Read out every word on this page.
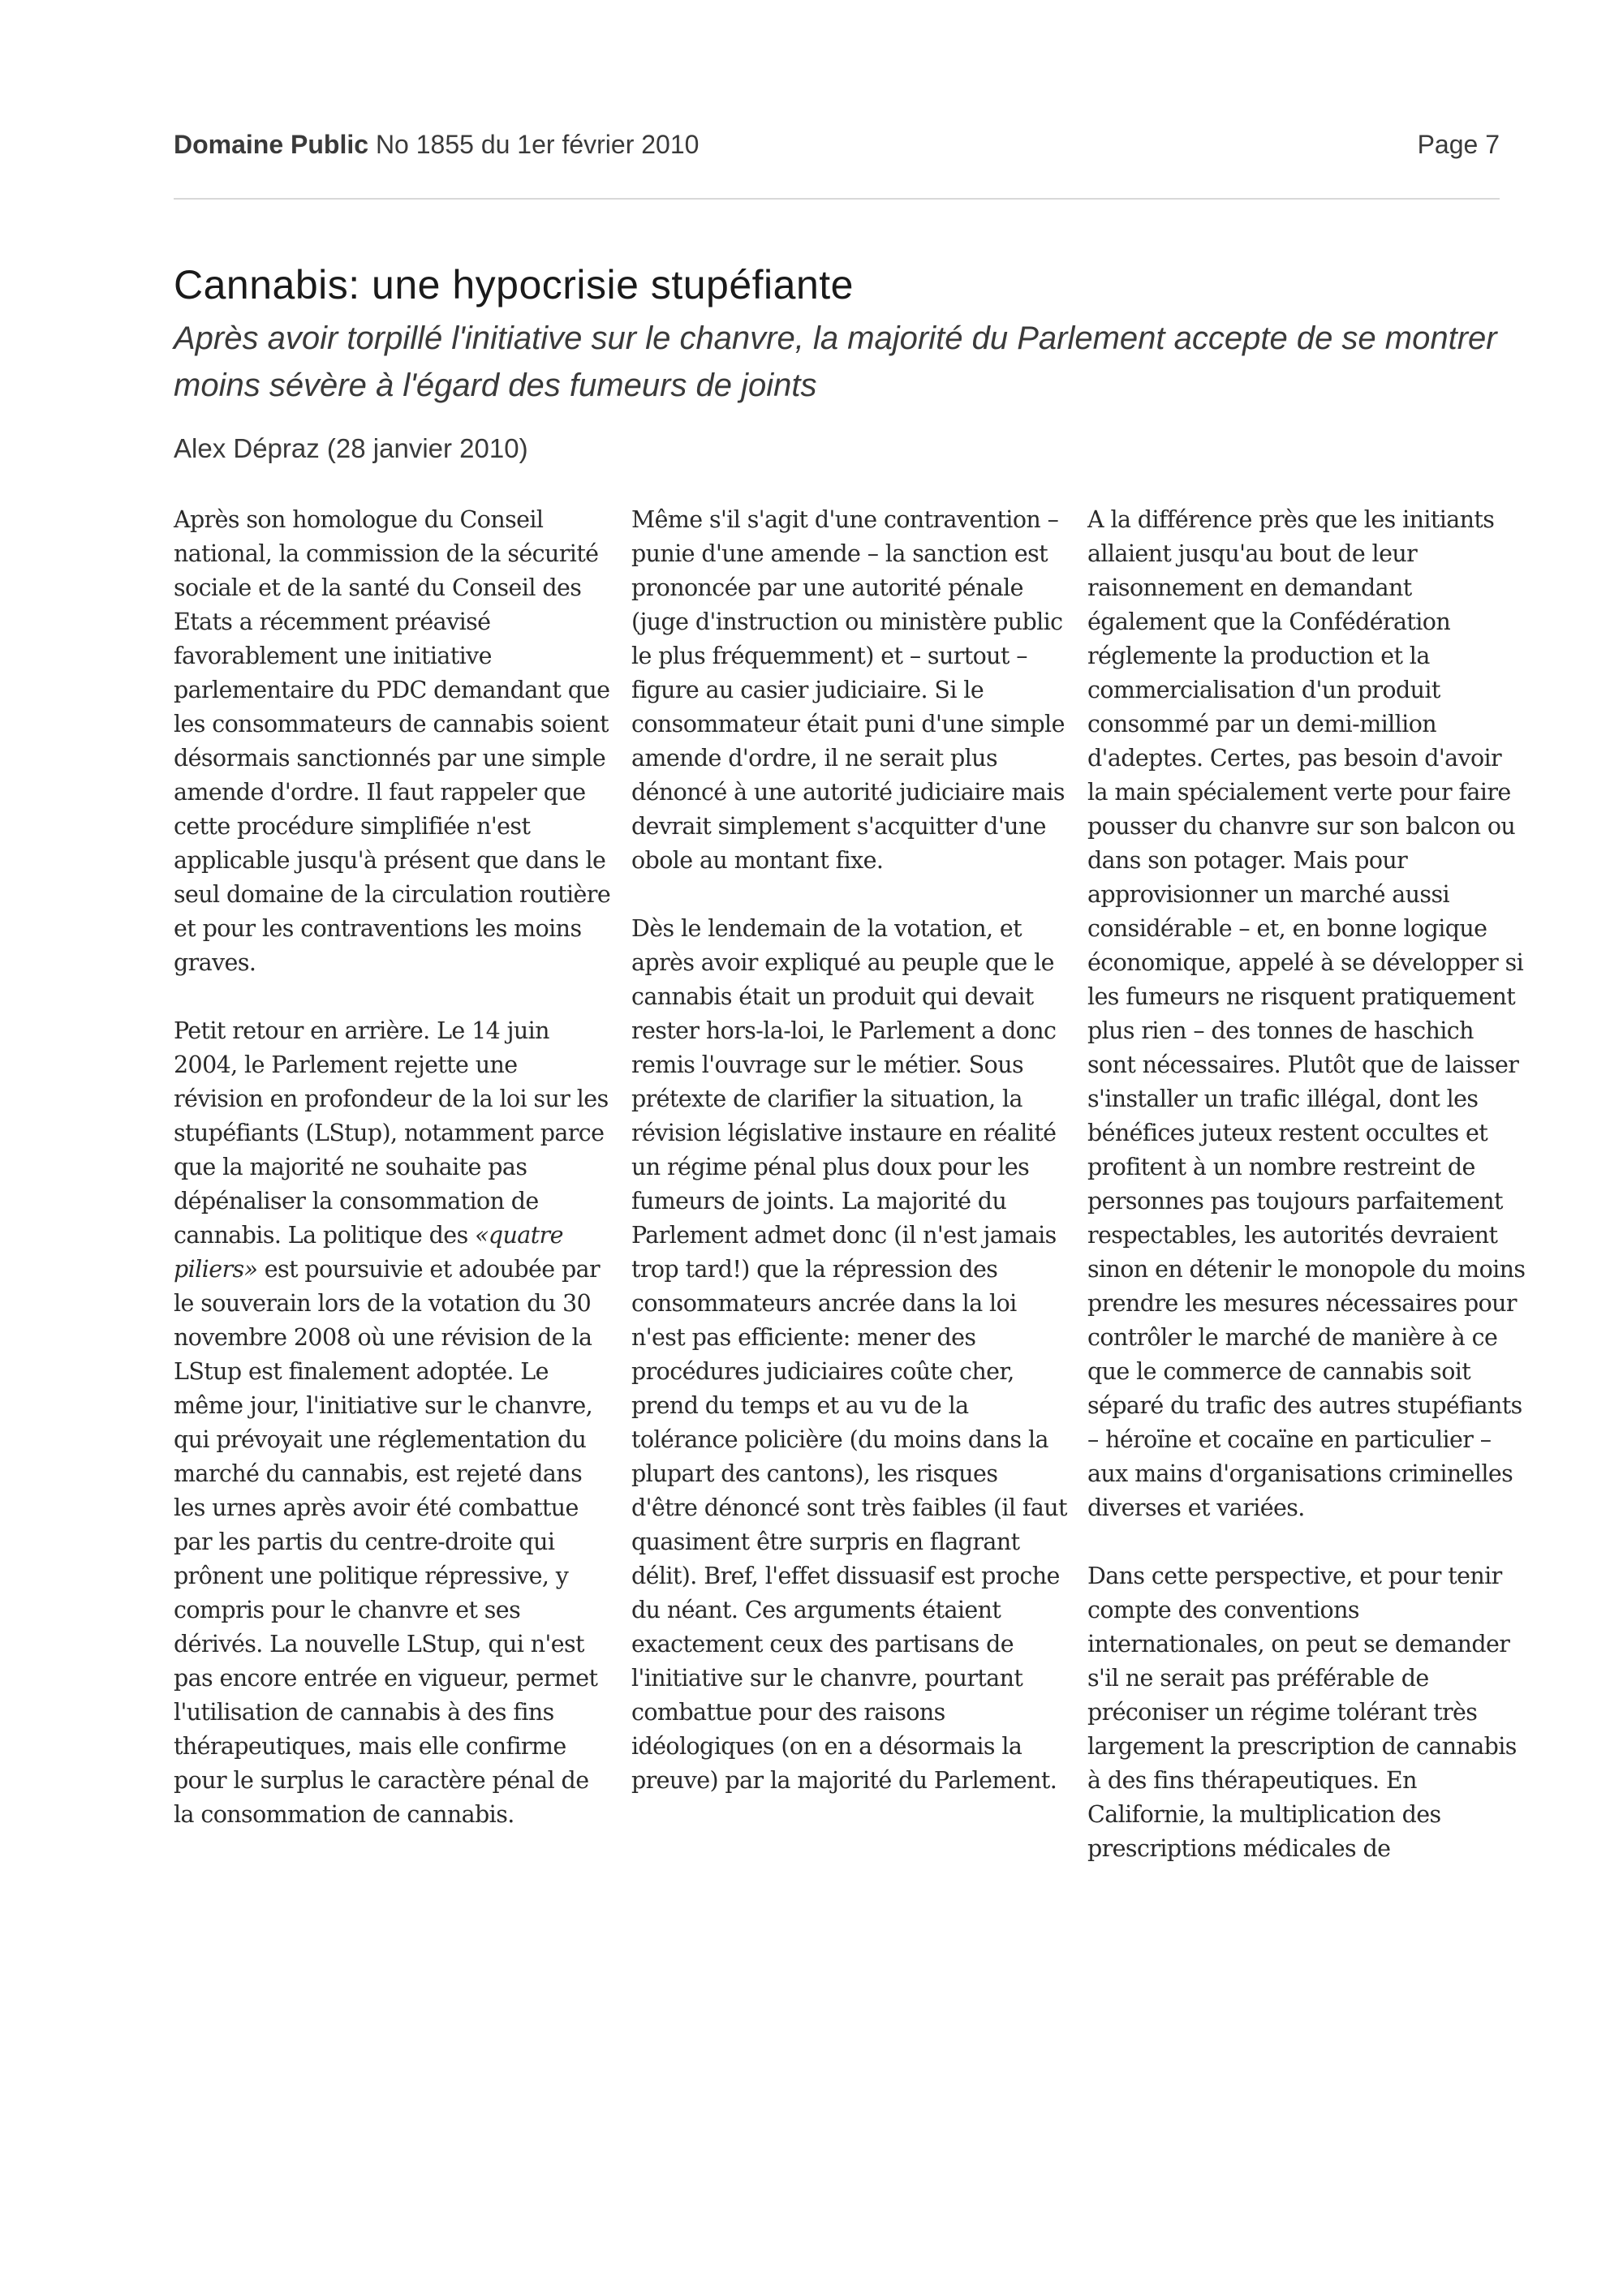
Domaine Public No 1855 du 1er février 2010	Page 7
Cannabis: une hypocrisie stupéfiante

Après avoir torpillé l'initiative sur le chanvre, la majorité du Parlement accepte de se montrer moins sévère à l'égard des fumeurs de joints

Alex Dépraz (28 janvier 2010)

Après son homologue du Conseil national, la commission de la sécurité sociale et de la santé du Conseil des Etats a récemment préavisé favorablement une initiative parlementaire du PDC demandant que les consommateurs de cannabis soient désormais sanctionnés par une simple amende d'ordre. Il faut rappeler que cette procédure simplifiée n'est applicable jusqu'à présent que dans le seul domaine de la circulation routière et pour les contraventions les moins graves.

Petit retour en arrière. Le 14 juin 2004, le Parlement rejette une révision en profondeur de la loi sur les stupéfiants (LStup), notamment parce que la majorité ne souhaite pas dépénaliser la consommation de cannabis. La politique des «quatre piliers» est poursuivie et adoubée par le souverain lors de la votation du 30 novembre 2008 où une révision de la LStup est finalement adoptée. Le même jour, l'initiative sur le chanvre, qui prévoyait une réglementation du marché du cannabis, est rejeté dans les urnes après avoir été combattue par les partis du centre-droite qui prônent une politique répressive, y compris pour le chanvre et ses dérivés. La nouvelle LStup, qui n'est pas encore entrée en vigueur, permet l'utilisation de cannabis à des fins thérapeutiques, mais elle confirme pour le surplus le caractère pénal de la consommation de cannabis.

Même s'il s'agit d'une contravention – punie d'une amende – la sanction est prononcée par une autorité pénale (juge d'instruction ou ministère public le plus fréquemment) et – surtout – figure au casier judiciaire. Si le consommateur était puni d'une simple amende d'ordre, il ne serait plus dénoncé à une autorité judiciaire mais devrait simplement s'acquitter d'une obole au montant fixe.

Dès le lendemain de la votation, et après avoir expliqué au peuple que le cannabis était un produit qui devait rester hors-la-loi, le Parlement a donc remis l'ouvrage sur le métier. Sous prétexte de clarifier la situation, la révision législative instaure en réalité un régime pénal plus doux pour les fumeurs de joints. La majorité du Parlement admet donc (il n'est jamais trop tard!) que la répression des consommateurs ancrée dans la loi n'est pas efficiente: mener des procédures judiciaires coûte cher, prend du temps et au vu de la tolérance policière (du moins dans la plupart des cantons), les risques d'être dénoncé sont très faibles (il faut quasiment être surpris en flagrant délit). Bref, l'effet dissuasif est proche du néant. Ces arguments étaient exactement ceux des partisans de l'initiative sur le chanvre, pourtant combattue pour des raisons idéologiques (on en a désormais la preuve) par la majorité du Parlement.

A la différence près que les initiants allaient jusqu'au bout de leur raisonnement en demandant également que la Confédération réglemente la production et la commercialisation d'un produit consommé par un demi-million d'adeptes. Certes, pas besoin d'avoir la main spécialement verte pour faire pousser du chanvre sur son balcon ou dans son potager. Mais pour approvisionner un marché aussi considérable – et, en bonne logique économique, appelé à se développer si les fumeurs ne risquent pratiquement plus rien – des tonnes de haschich sont nécessaires. Plutôt que de laisser s'installer un trafic illégal, dont les bénéfices juteux restent occultes et profitent à un nombre restreint de personnes pas toujours parfaitement respectables, les autorités devraient sinon en détenir le monopole du moins prendre les mesures nécessaires pour contrôler le marché de manière à ce que le commerce de cannabis soit séparé du trafic des autres stupéfiants – héroïne et cocaïne en particulier – aux mains d'organisations criminelles diverses et variées.

Dans cette perspective, et pour tenir compte des conventions internationales, on peut se demander s'il ne serait pas préférable de préconiser un régime tolérant très largement la prescription de cannabis à des fins thérapeutiques. En Californie, la multiplication des prescriptions médicales de
